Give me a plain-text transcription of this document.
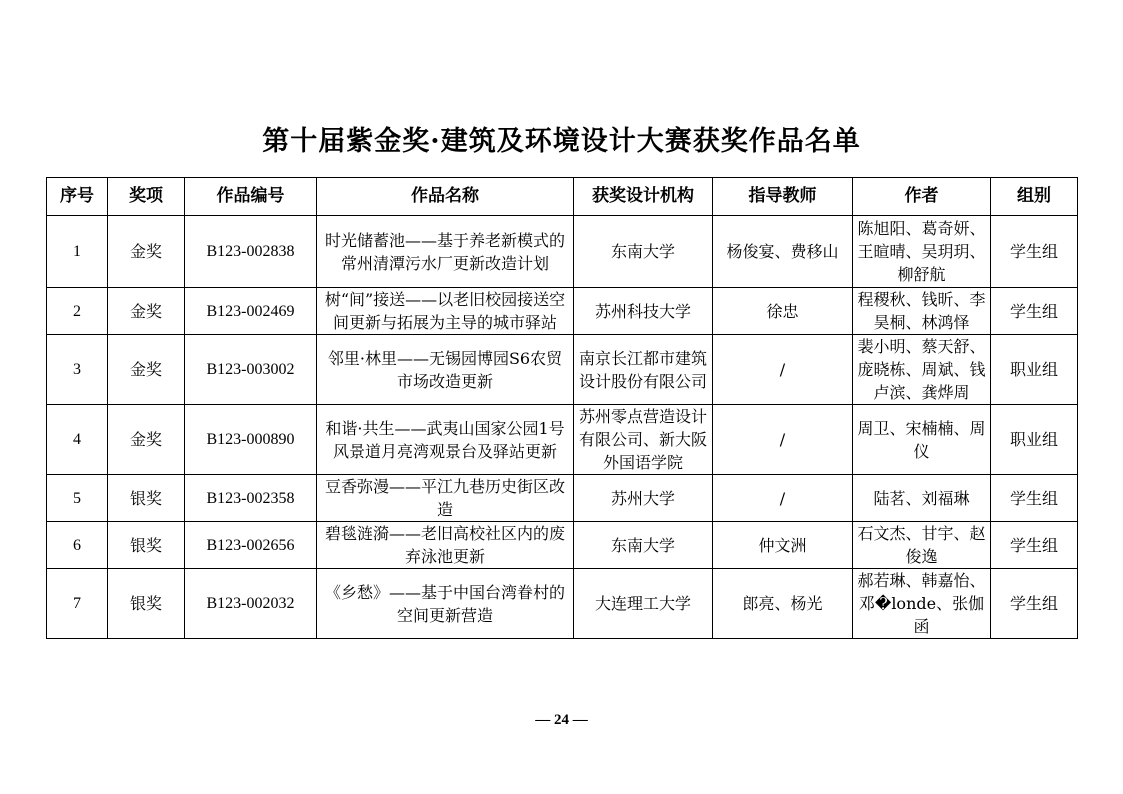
第十届紫金奖·建筑及环境设计大赛获奖作品名单
序号	奖项	作品编号	作品名称	获奖设计机构	指导教师	作者	组别
1	金奖	B123-002838	时光储蓄池——基于养老新模式的常州清潭污水厂更新改造计划	东南大学	杨俊宴、费移山	陈旭阳、葛奇妍、王暄晴、吴玥玥、柳舒航	学生组
2	金奖	B123-002469	树“间”接送——以老旧校园接送空间更新与拓展为主导的城市驿站	苏州科技大学	徐忠	程稷秋、钱昕、李昊桐、林鸿怿	学生组
3	金奖	B123-003002	邻里·林里——无锡园博园S6农贸市场改造更新	南京长江都市建筑设计股份有限公司	/	裴小明、蔡天舒、庞晓栋、周斌、钱卢滨、龚烨周	职业组
4	金奖	B123-000890	和谐·共生——武夷山国家公园1号风景道月亮湾观景台及驿站更新	苏州零点营造设计有限公司、新大阪外国语学院	/	周卫、宋楠楠、周仪	职业组
5	银奖	B123-002358	豆香弥漫——平江九巷历史街区改造	苏州大学	/	陆茗、刘福琳	学生组
6	银奖	B123-002656	碧毯涟漪——老旧高校社区内的废弃泳池更新	东南大学	仲文洲	石文杰、甘宇、赵俊逸	学生组
7	银奖	B123-002032	《乡愁》——基于中国台湾眷村的空间更新营造	大连理工大学	郎亮、杨光	郝若琳、韩嘉怡、邓�londe、张伽函	学生组
— 24 —
